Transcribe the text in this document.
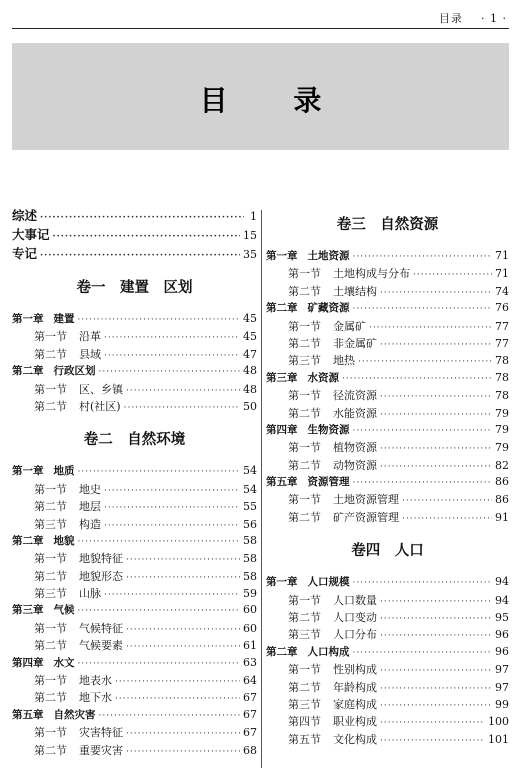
目录 · 1 ·
目 录
综述 ·····	1
大事记 ·····	15
专记 ·····	35
卷一　建置　区划
第一章 建置 ·····	45
第一节 沿革 ·····	45
第二节 县域 ·····	47
第二章 行政区划 ·····	48
第一节 区、乡镇 ·····	48
第二节 村(社区) ·····	50
卷二　自然环境
第一章 地质 ·····	54
第一节 地史 ·····	54
第二节 地层 ·····	55
第三节 构造 ·····	56
第二章 地貌 ·····	58
第一节 地貌特征 ·····	58
第二节 地貌形态 ·····	58
第三节 山脉 ·····	59
第三章 气候 ·····	60
第一节 气候特征 ·····	60
第二节 气候要素 ·····	61
第四章 水文 ·····	63
第一节 地表水 ·····	64
第二节 地下水 ·····	67
第五章 自然灾害 ·····	67
第一节 灾害特征 ·····	67
第二节 重要灾害 ·····	68
卷三　自然资源
第一章 土地资源 ·····	71
第一节 土地构成与分布 ·····	71
第二节 土壤结构 ·····	74
第二章 矿藏资源 ·····	76
第一节 金属矿 ·····	77
第二节 非金属矿 ·····	77
第三节 地热 ·····	78
第三章 水资源 ·····	78
第一节 径流资源 ·····	78
第二节 水能资源 ·····	79
第四章 生物资源 ·····	79
第一节 植物资源 ·····	79
第二节 动物资源 ·····	82
第五章 资源管理 ·····	86
第一节 土地资源管理 ·····	86
第二节 矿产资源管理 ·····	91
卷四　人口
第一章 人口规模 ·····	94
第一节 人口数量 ·····	94
第二节 人口变动 ·····	95
第三节 人口分布 ·····	96
第二章 人口构成 ·····	96
第一节 性别构成 ·····	97
第二节 年龄构成 ·····	97
第三节 家庭构成 ·····	99
第四节 职业构成 ·····	100
第五节 文化构成 ·····	101
